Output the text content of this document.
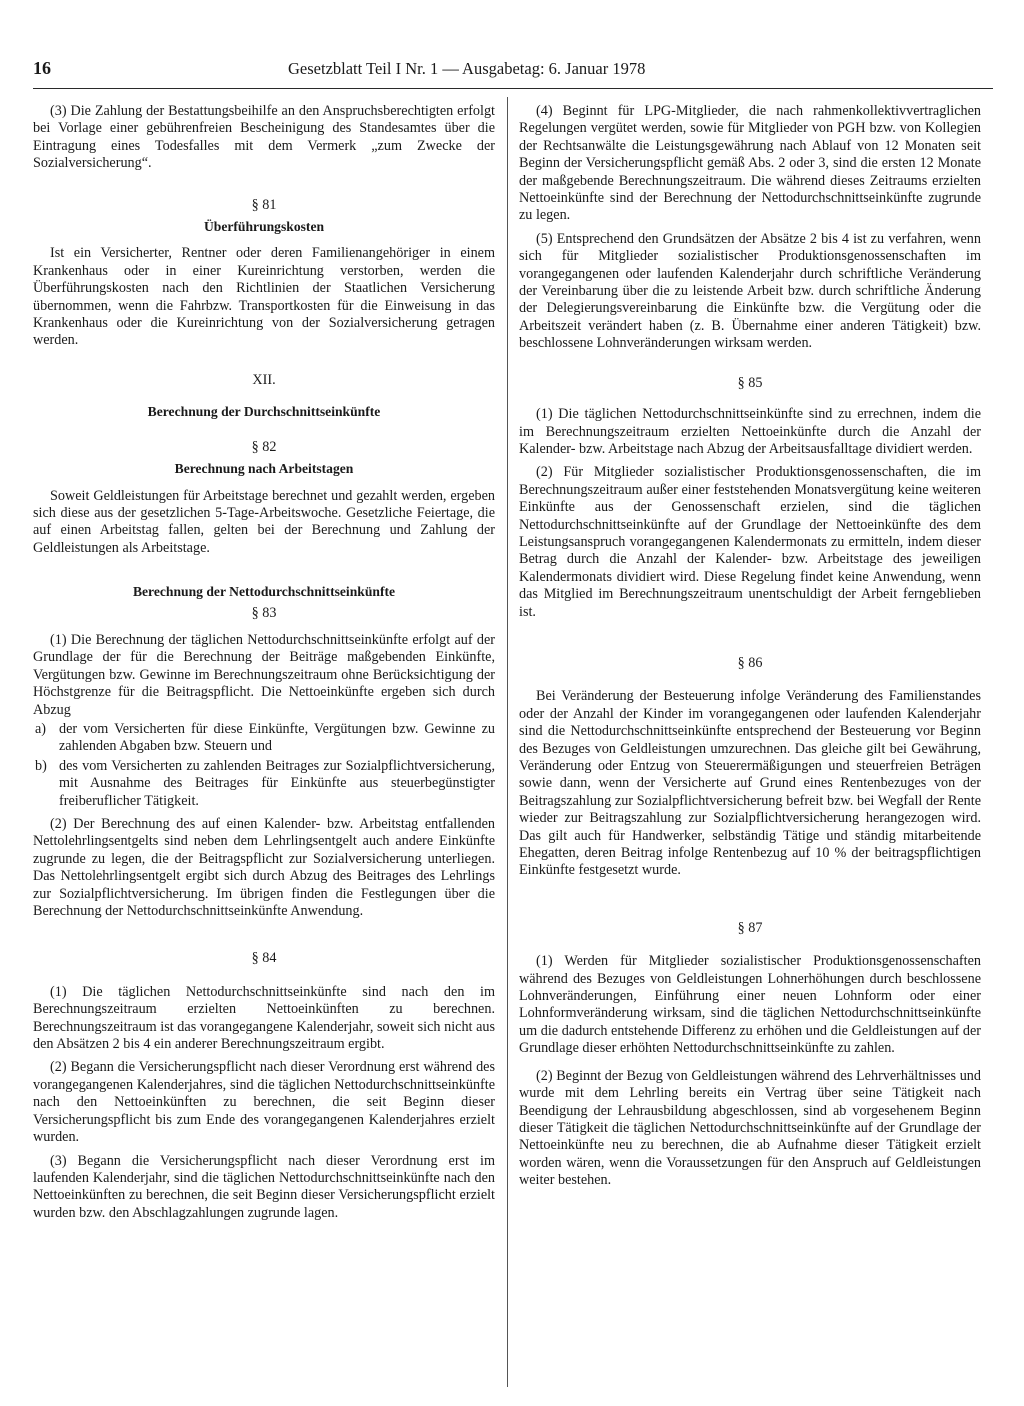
16	Gesetzblatt Teil I Nr. 1 — Ausgabetag: 6. Januar 1978

(3) Die Zahlung der Bestattungsbeihilfe an den Anspruchsberechtigten erfolgt bei Vorlage einer gebührenfreien Bescheinigung des Standesamtes über die Eintragung eines Todesfalles mit dem Vermerk „zum Zwecke der Sozialversicherung“.

§ 81
Überführungskosten

Ist ein Versicherter, Rentner oder deren Familienangehöriger in einem Krankenhaus oder in einer Kureinrichtung verstorben, werden die Überführungskosten nach den Richtlinien der Staatlichen Versicherung übernommen, wenn die Fahrbzw. Transportkosten für die Einweisung in das Krankenhaus oder die Kureinrichtung von der Sozialversicherung getragen werden.

XII.
Berechnung der Durchschnittseinkünfte
§ 82
Berechnung nach Arbeitstagen

Soweit Geldleistungen für Arbeitstage berechnet und gezahlt werden, ergeben sich diese aus der gesetzlichen 5-Tage-Arbeitswoche. Gesetzliche Feiertage, die auf einen Arbeitstag fallen, gelten bei der Berechnung und Zahlung der Geldleistungen als Arbeitstage.

Berechnung der Nettodurchschnittseinkünfte
§ 83

(1) Die Berechnung der täglichen Nettodurchschnittseinkünfte erfolgt auf der Grundlage der für die Berechnung der Beiträge maßgebenden Einkünfte, Vergütungen bzw. Gewinne im Berechnungszeitraum ohne Berücksichtigung der Höchstgrenze für die Beitragspflicht. Die Nettoeinkünfte ergeben sich durch Abzug

a) der vom Versicherten für diese Einkünfte, Vergütungen bzw. Gewinne zu zahlenden Abgaben bzw. Steuern und
b) des vom Versicherten zu zahlenden Beitrages zur Sozialpflichtversicherung, mit Ausnahme des Beitrages für Einkünfte aus steuerbegünstigter freiberuflicher Tätigkeit.

(2) Der Berechnung des auf einen Kalender- bzw. Arbeitstag entfallenden Nettolehrlingsentgelts sind neben dem Lehrlingsentgelt auch andere Einkünfte zugrunde zu legen, die der Beitragspflicht zur Sozialversicherung unterliegen. Das Nettolehrlingsentgelt ergibt sich durch Abzug des Beitrages des Lehrlings zur Sozialpflichtversicherung. Im übrigen finden die Festlegungen über die Berechnung der Nettodurchschnittseinkünfte Anwendung.

§ 84

(1) Die täglichen Nettodurchschnittseinkünfte sind nach den im Berechnungszeitraum erzielten Nettoeinkünften zu berechnen. Berechnungszeitraum ist das vorangegangene Kalenderjahr, soweit sich nicht aus den Absätzen 2 bis 4 ein anderer Berechnungszeitraum ergibt.

(2) Begann die Versicherungspflicht nach dieser Verordnung erst während des vorangegangenen Kalenderjahres, sind die täglichen Nettodurchschnittseinkünfte nach den Nettoeinkünften zu berechnen, die seit Beginn dieser Versicherungspflicht bis zum Ende des vorangegangenen Kalenderjahres erzielt wurden.

(3) Begann die Versicherungspflicht nach dieser Verordnung erst im laufenden Kalenderjahr, sind die täglichen Nettodurchschnittseinkünfte nach den Nettoeinkünften zu berechnen, die seit Beginn dieser Versicherungspflicht erzielt wurden bzw. den Abschlagzahlungen zugrunde lagen.

(4) Beginnt für LPG-Mitglieder, die nach rahmenkollektivvertraglichen Regelungen vergütet werden, sowie für Mitglieder von PGH bzw. von Kollegien der Rechtsanwälte die Leistungsgewährung nach Ablauf von 12 Monaten seit Beginn der Versicherungspflicht gemäß Abs. 2 oder 3, sind die ersten 12 Monate der maßgebende Berechnungszeitraum. Die während dieses Zeitraums erzielten Nettoeinkünfte sind der Berechnung der Nettodurchschnittseinkünfte zugrunde zu legen.

(5) Entsprechend den Grundsätzen der Absätze 2 bis 4 ist zu verfahren, wenn sich für Mitglieder sozialistischer Produktionsgenossenschaften im vorangegangenen oder laufenden Kalenderjahr durch schriftliche Veränderung der Vereinbarung über die zu leistende Arbeit bzw. durch schriftliche Änderung der Delegierungsvereinbarung die Einkünfte bzw. die Vergütung oder die Arbeitszeit verändert haben (z. B. Übernahme einer anderen Tätigkeit) bzw. beschlossene Lohnveränderungen wirksam werden.

§ 85

(1) Die täglichen Nettodurchschnittseinkünfte sind zu errechnen, indem die im Berechnungszeitraum erzielten Nettoeinkünfte durch die Anzahl der Kalender- bzw. Arbeitstage nach Abzug der Arbeitsausfalltage dividiert werden.

(2) Für Mitglieder sozialistischer Produktionsgenossenschaften, die im Berechnungszeitraum außer einer feststehenden Monatsvergütung keine weiteren Einkünfte aus der Genossenschaft erzielen, sind die täglichen Nettodurchschnittseinkünfte auf der Grundlage der Nettoeinkünfte des dem Leistungsanspruch vorangegangenen Kalendermonats zu ermitteln, indem dieser Betrag durch die Anzahl der Kalender- bzw. Arbeitstage des jeweiligen Kalendermonats dividiert wird. Diese Regelung findet keine Anwendung, wenn das Mitglied im Berechnungszeitraum unentschuldigt der Arbeit ferngeblieben ist.

§ 86

Bei Veränderung der Besteuerung infolge Veränderung des Familienstandes oder der Anzahl der Kinder im vorangegangenen oder laufenden Kalenderjahr sind die Nettodurchschnittseinkünfte entsprechend der Besteuerung vor Beginn des Bezuges von Geldleistungen umzurechnen. Das gleiche gilt bei Gewährung, Veränderung oder Entzug von Steuerermäßigungen und steuerfreien Beträgen sowie dann, wenn der Versicherte auf Grund eines Rentenbezuges von der Beitragszahlung zur Sozialpflichtversicherung befreit bzw. bei Wegfall der Rente wieder zur Beitragszahlung zur Sozialpflichtversicherung herangezogen wird. Das gilt auch für Handwerker, selbständig Tätige und ständig mitarbeitende Ehegatten, deren Beitrag infolge Rentenbezug auf 10 % der beitragspflichtigen Einkünfte festgesetzt wurde.

§ 87

(1) Werden für Mitglieder sozialistischer Produktionsgenossenschaften während des Bezuges von Geldleistungen Lohnerhöhungen durch beschlossene Lohnveränderungen, Einführung einer neuen Lohnform oder einer Lohnformveränderung wirksam, sind die täglichen Nettodurchschnittseinkünfte um die dadurch entstehende Differenz zu erhöhen und die Geldleistungen auf der Grundlage dieser erhöhten Nettodurchschnittseinkünfte zu zahlen.

(2) Beginnt der Bezug von Geldleistungen während des Lehrverhältnisses und wurde mit dem Lehrling bereits ein Vertrag über seine Tätigkeit nach Beendigung der Lehrausbildung abgeschlossen, sind ab vorgesehenem Beginn dieser Tätigkeit die täglichen Nettodurchschnittseinkünfte auf der Grundlage der Nettoeinkünfte neu zu berechnen, die ab Aufnahme dieser Tätigkeit erzielt worden wären, wenn die Voraussetzungen für den Anspruch auf Geldleistungen weiter bestehen.
